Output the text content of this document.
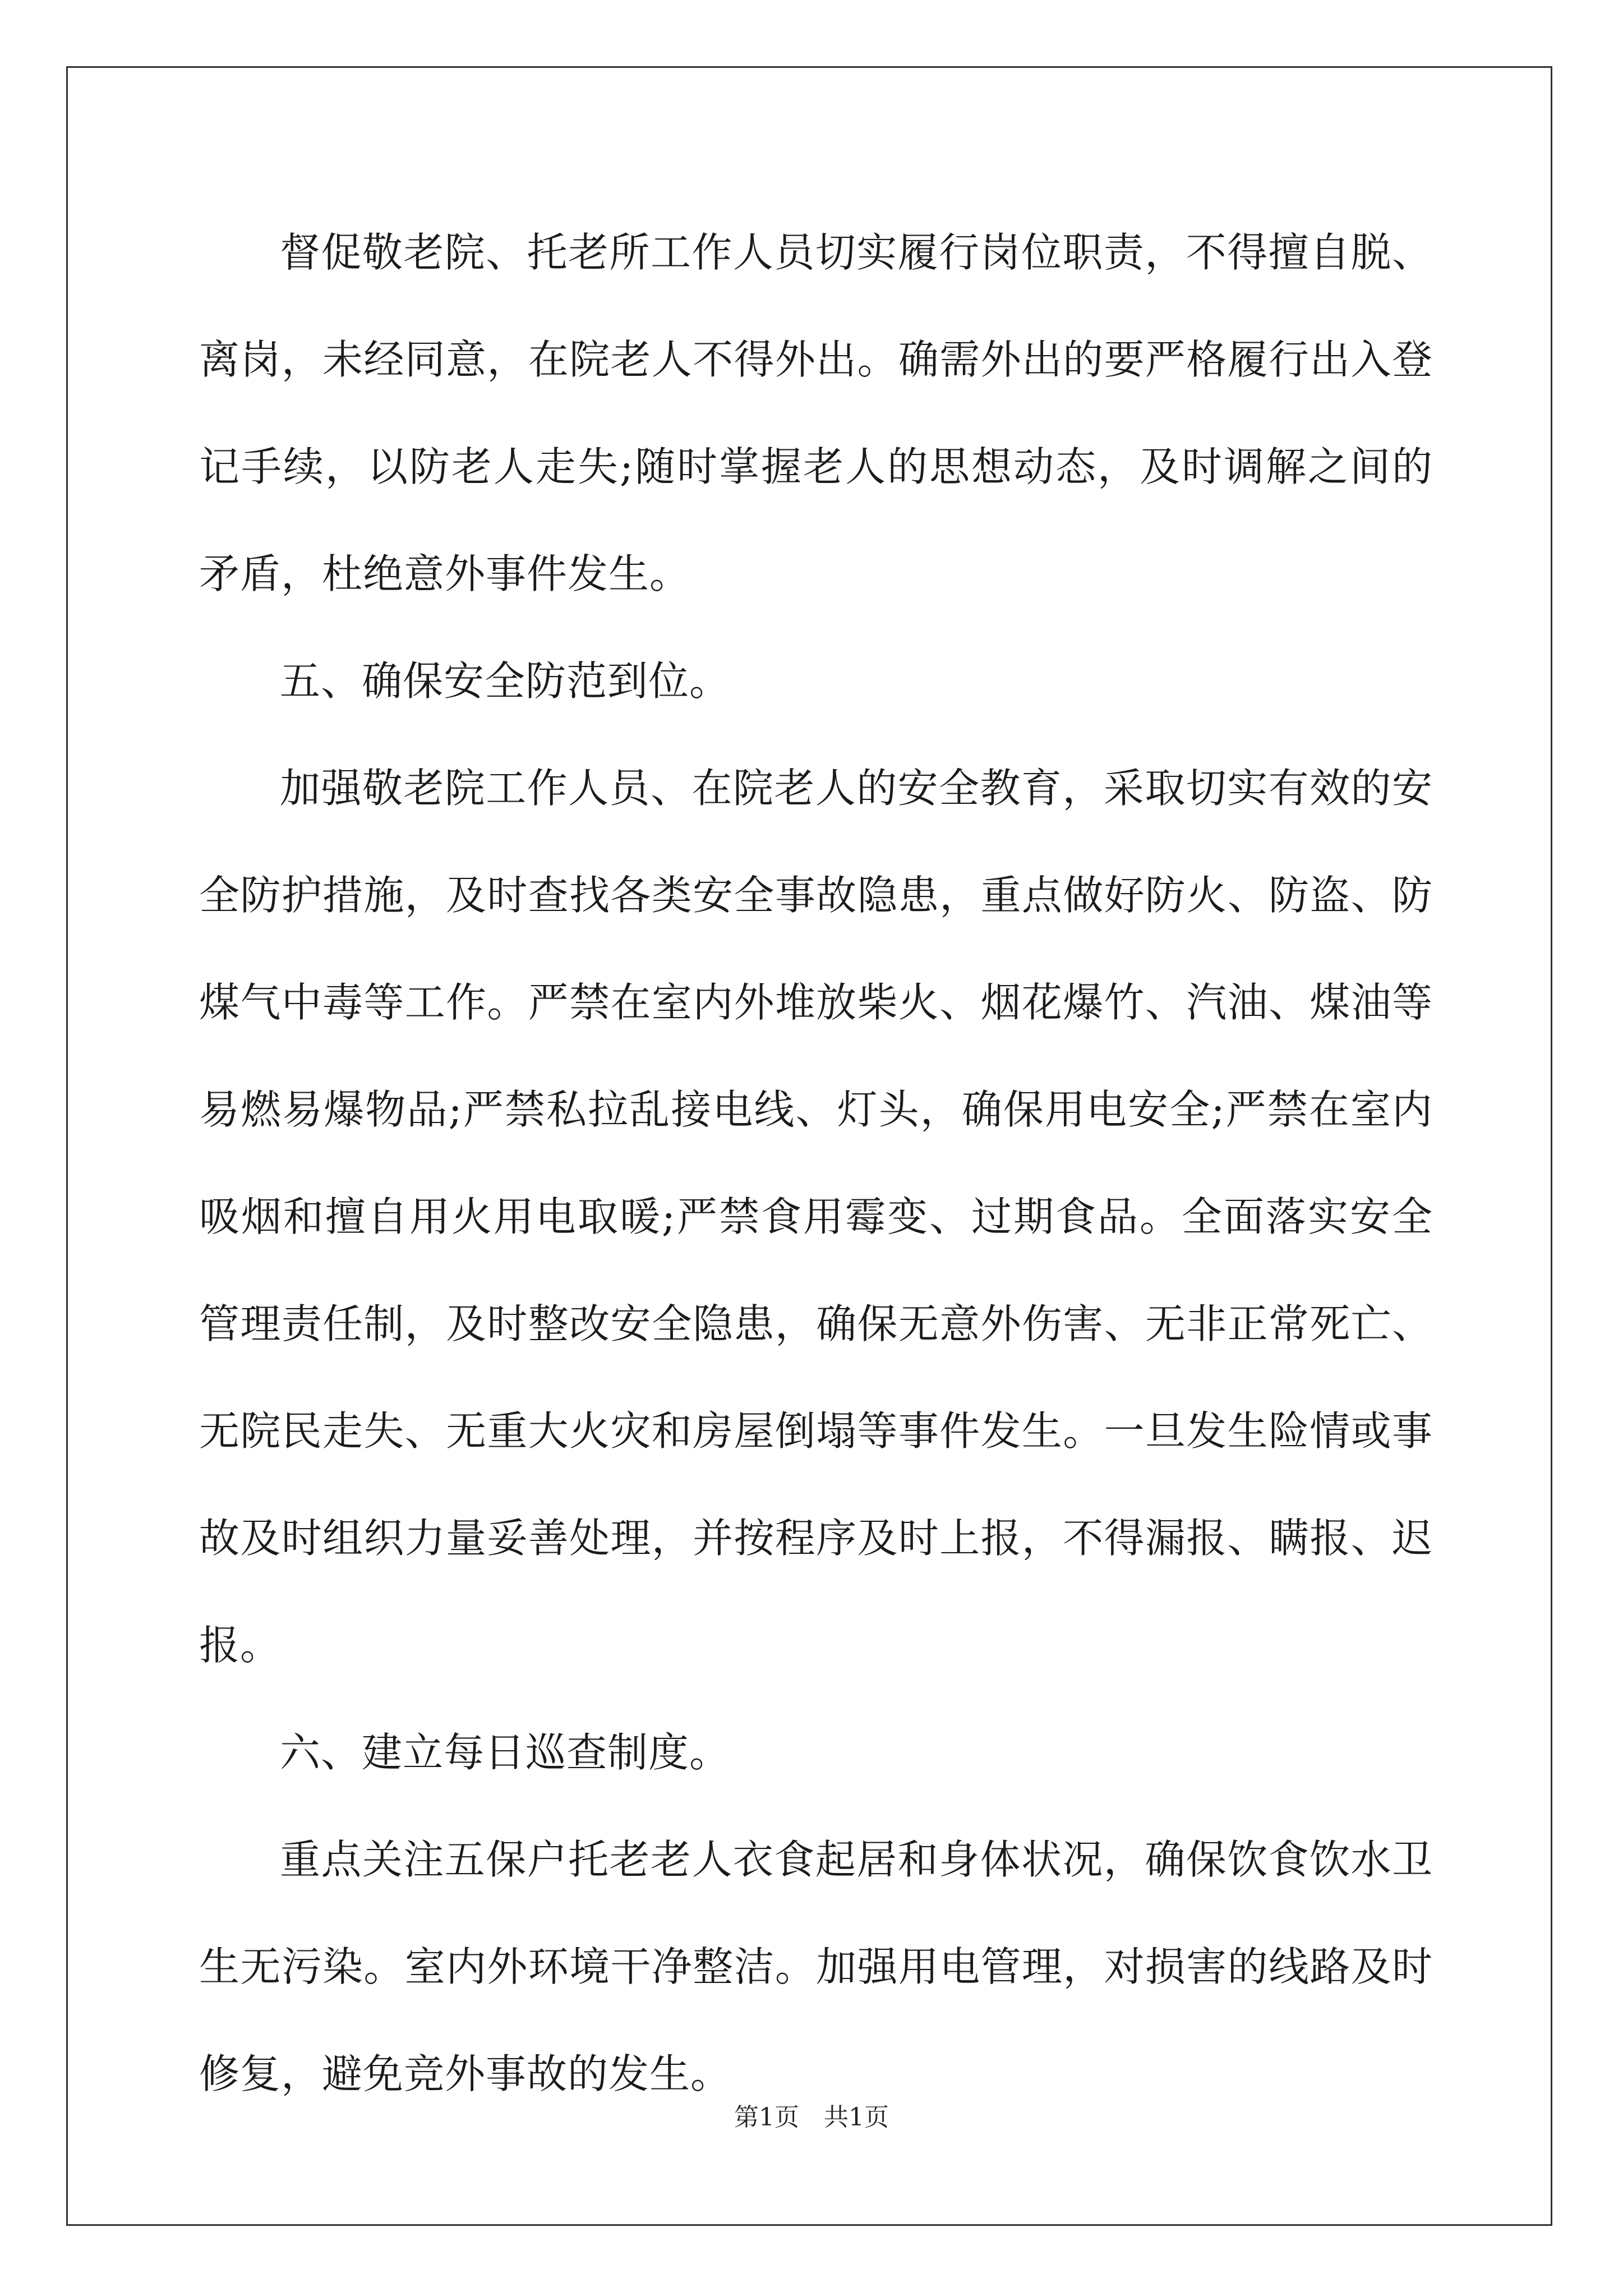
督促敬老院、托老所工作人员切实履行岗位职责，不得擅自脱、离岗，未经同意，在院老人不得外出。确需外出的要严格履行出入登记手续，以防老人走失;随时掌握老人的思想动态，及时调解之间的矛盾，杜绝意外事件发生。

五、确保安全防范到位。

加强敬老院工作人员、在院老人的安全教育，采取切实有效的安全防护措施，及时查找各类安全事故隐患，重点做好防火、防盗、防煤气中毒等工作。严禁在室内外堆放柴火、烟花爆竹、汽油、煤油等易燃易爆物品;严禁私拉乱接电线、灯头，确保用电安全;严禁在室内吸烟和擅自用火用电取暖;严禁食用霉变、过期食品。全面落实安全管理责任制，及时整改安全隐患，确保无意外伤害、无非正常死亡、无院民走失、无重大火灾和房屋倒塌等事件发生。一旦发生险情或事故及时组织力量妥善处理，并按程序及时上报，不得漏报、瞒报、迟报。

六、建立每日巡查制度。

重点关注五保户托老老人衣食起居和身体状况，确保饮食饮水卫生无污染。室内外环境干净整洁。加强用电管理，对损害的线路及时修复，避免竞外事故的发生。

第1页　共1页
